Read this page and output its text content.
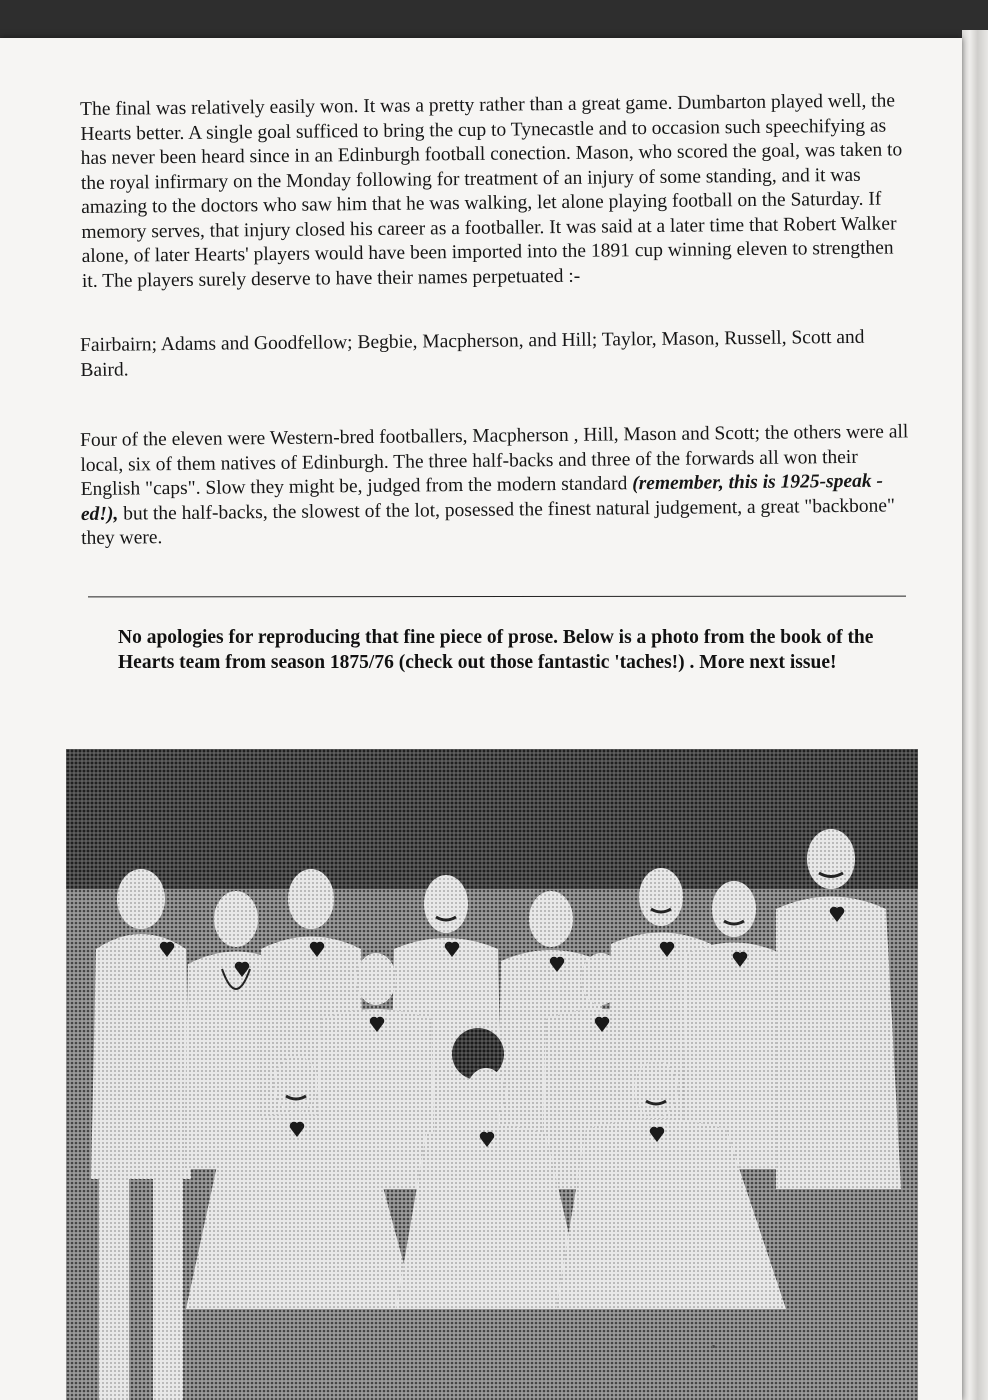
The final was relatively easily won. It was a pretty rather than a great game. Dumbarton played well, the Hearts better. A single goal sufficed to bring the cup to Tynecastle and to occasion such speechifying as has never been heard since in an Edinburgh football conection. Mason, who scored the goal, was taken to the royal infirmary on the Monday following for treatment of an injury of some standing, and it was amazing to the doctors who saw him that he was walking, let alone playing football on the Saturday. If memory serves, that injury closed his career as a footballer. It was said at a later time that Robert Walker alone, of later Hearts' players would have been imported into the 1891 cup winning eleven to strengthen it. The players surely deserve to have their names perpetuated :-

Fairbairn; Adams and Goodfellow; Begbie, Macpherson, and Hill; Taylor, Mason, Russell, Scott and Baird.

Four of the eleven were Western-bred footballers, Macpherson , Hill, Mason and Scott; the others were all local, six of them natives of Edinburgh. The three half-backs and three of the forwards all won their English "caps". Slow they might be, judged from the modern standard (remember, this is 1925-speak - ed!), but the half-backs, the slowest of the lot, posessed the finest natural judgement, a great "backbone" they were.

No apologies for reproducing that fine piece of prose. Below is a photo from the book of the Hearts team from season 1875/76 (check out those fantastic 'taches!) . More next issue!
